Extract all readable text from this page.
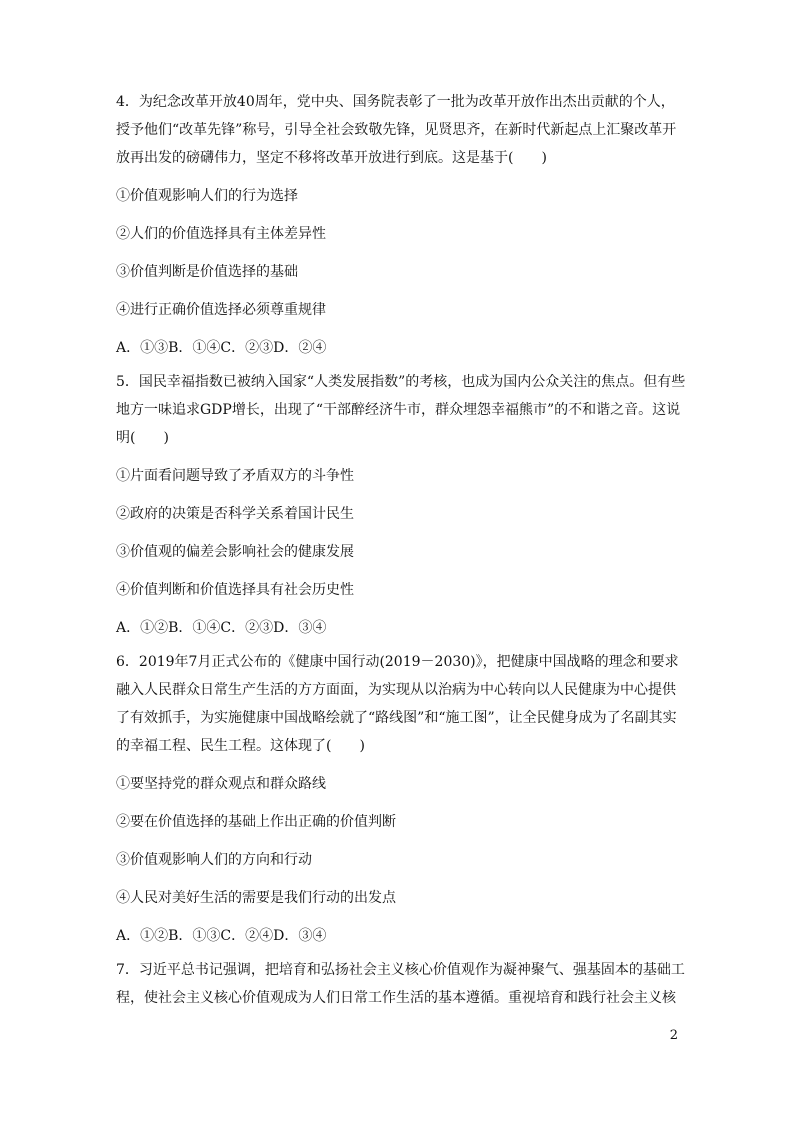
4．为纪念改革开放40周年，党中央、国务院表彰了一批为改革开放作出杰出贡献的个人，授予他们“改革先锋”称号，引导全社会致敬先锋，见贤思齐，在新时代新起点上汇聚改革开放再出发的磅礴伟力，坚定不移将改革开放进行到底。这是基于(　　)

①价值观影响人们的行为选择

②人们的价值选择具有主体差异性

③价值判断是价值选择的基础

④进行正确价值选择必须尊重规律

A．①③B．①④C．②③D．②④

5．国民幸福指数已被纳入国家“人类发展指数”的考核，也成为国内公众关注的焦点。但有些地方一味追求GDP增长，出现了“干部醉经济牛市，群众埋怨幸福熊市”的不和谐之音。这说明(　　)

①片面看问题导致了矛盾双方的斗争性

②政府的决策是否科学关系着国计民生

③价值观的偏差会影响社会的健康发展

④价值判断和价值选择具有社会历史性

A．①②B．①④C．②③D．③④

6．2019年7月正式公布的《健康中国行动(2019－2030)》，把健康中国战略的理念和要求融入人民群众日常生产生活的方方面面，为实现从以治病为中心转向以人民健康为中心提供了有效抓手，为实施健康中国战略绘就了“路线图”和“施工图”，让全民健身成为了名副其实的幸福工程、民生工程。这体现了(　　)

①要坚持党的群众观点和群众路线

②要在价值选择的基础上作出正确的价值判断

③价值观影响人们的方向和行动

④人民对美好生活的需要是我们行动的出发点

A．①②B．①③C．②④D．③④

7．习近平总书记强调，把培育和弘扬社会主义核心价值观作为凝神聚气、强基固本的基础工程，使社会主义核心价值观成为人们日常工作生活的基本遵循。重视培育和践行社会主义核

2
